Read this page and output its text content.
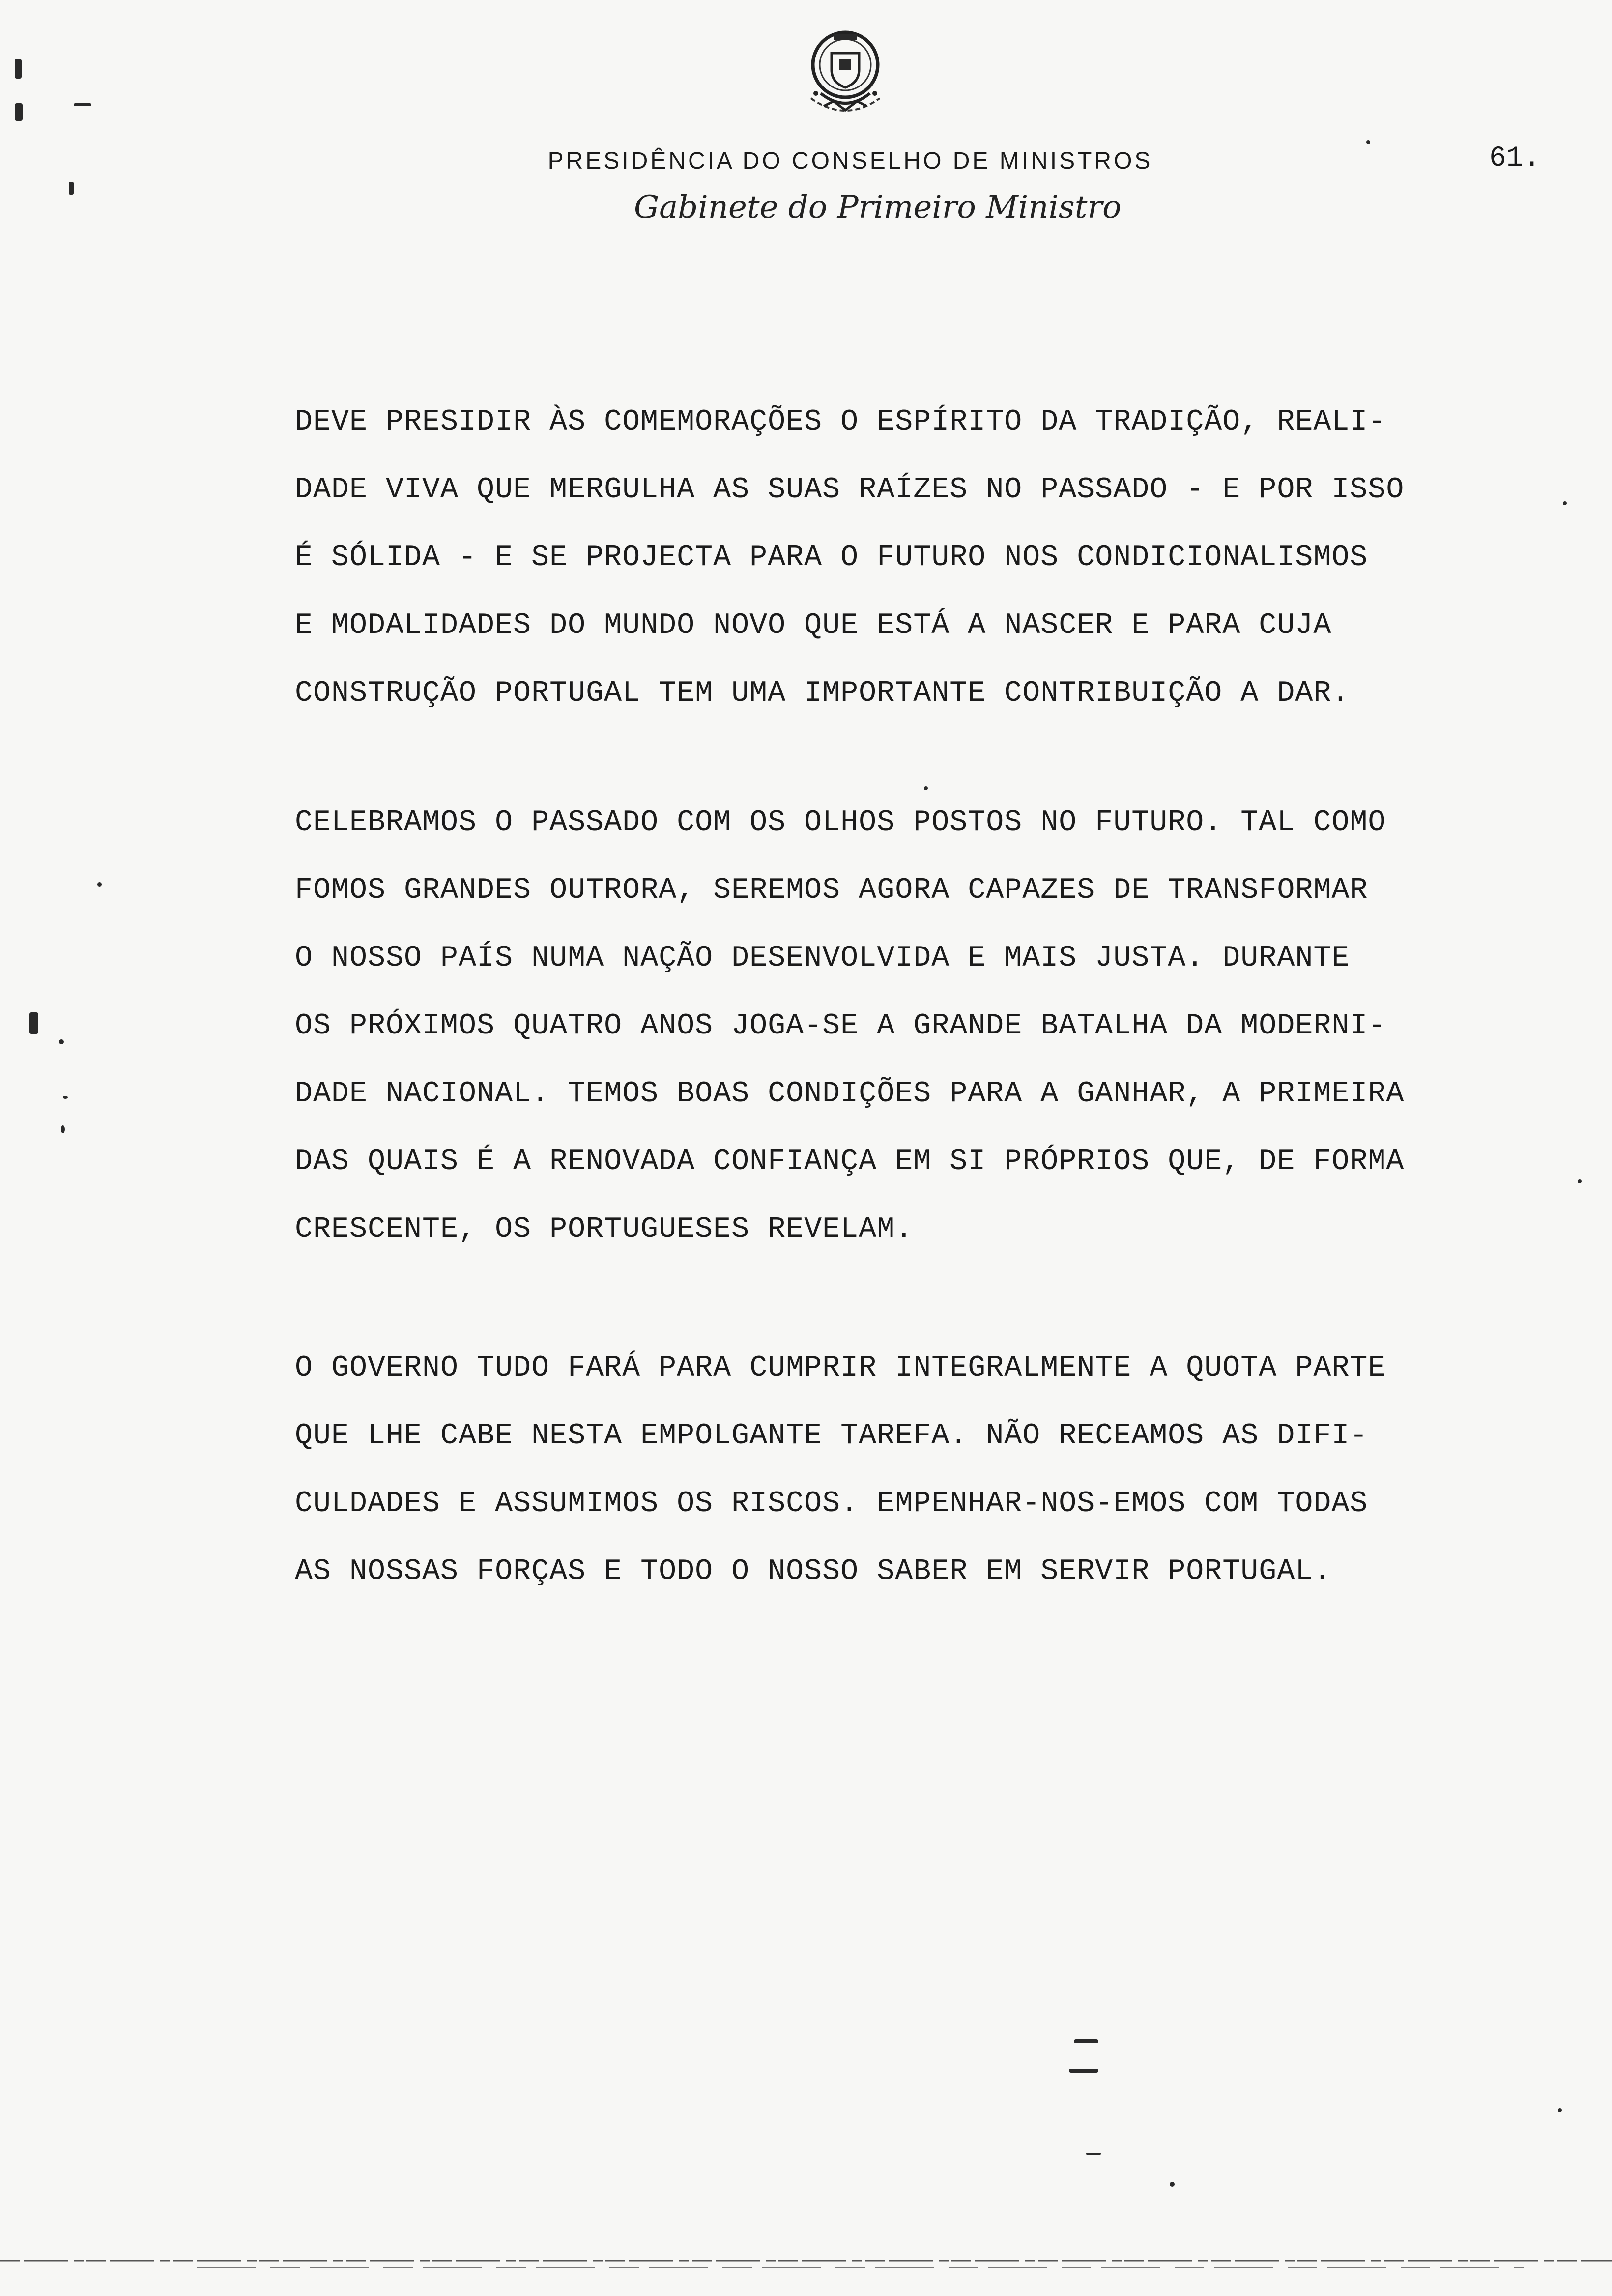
PRESIDÊNCIA DO CONSELHO DE MINISTROS
Gabinete do Primeiro Ministro
61.

DEVE PRESIDIR ÀS COMEMORAÇÕES O ESPÍRITO DA TRADIÇÃO, REALI-
DADE VIVA QUE MERGULHA AS SUAS RAÍZES NO PASSADO - E POR ISSO
É SÓLIDA - E SE PROJECTA PARA O FUTURO NOS CONDICIONALISMOS
E MODALIDADES DO MUNDO NOVO QUE ESTÁ A NASCER E PARA CUJA
CONSTRUÇÃO PORTUGAL TEM UMA IMPORTANTE CONTRIBUIÇÃO A DAR.

CELEBRAMOS O PASSADO COM OS OLHOS POSTOS NO FUTURO. TAL COMO
FOMOS GRANDES OUTRORA, SEREMOS AGORA CAPAZES DE TRANSFORMAR
O NOSSO PAÍS NUMA NAÇÃO DESENVOLVIDA E MAIS JUSTA. DURANTE
OS PRÓXIMOS QUATRO ANOS JOGA-SE A GRANDE BATALHA DA MODERNI-
DADE NACIONAL. TEMOS BOAS CONDIÇÕES PARA A GANHAR, A PRIMEIRA
DAS QUAIS É A RENOVADA CONFIANÇA EM SI PRÓPRIOS QUE, DE FORMA
CRESCENTE, OS PORTUGUESES REVELAM.

O GOVERNO TUDO FARÁ PARA CUMPRIR INTEGRALMENTE A QUOTA PARTE
QUE LHE CABE NESTA EMPOLGANTE TAREFA. NÃO RECEAMOS AS DIFI-
CULDADES E ASSUMIMOS OS RISCOS. EMPENHAR-NOS-EMOS COM TODAS
AS NOSSAS FORÇAS E TODO O NOSSO SABER EM SERVIR PORTUGAL.
